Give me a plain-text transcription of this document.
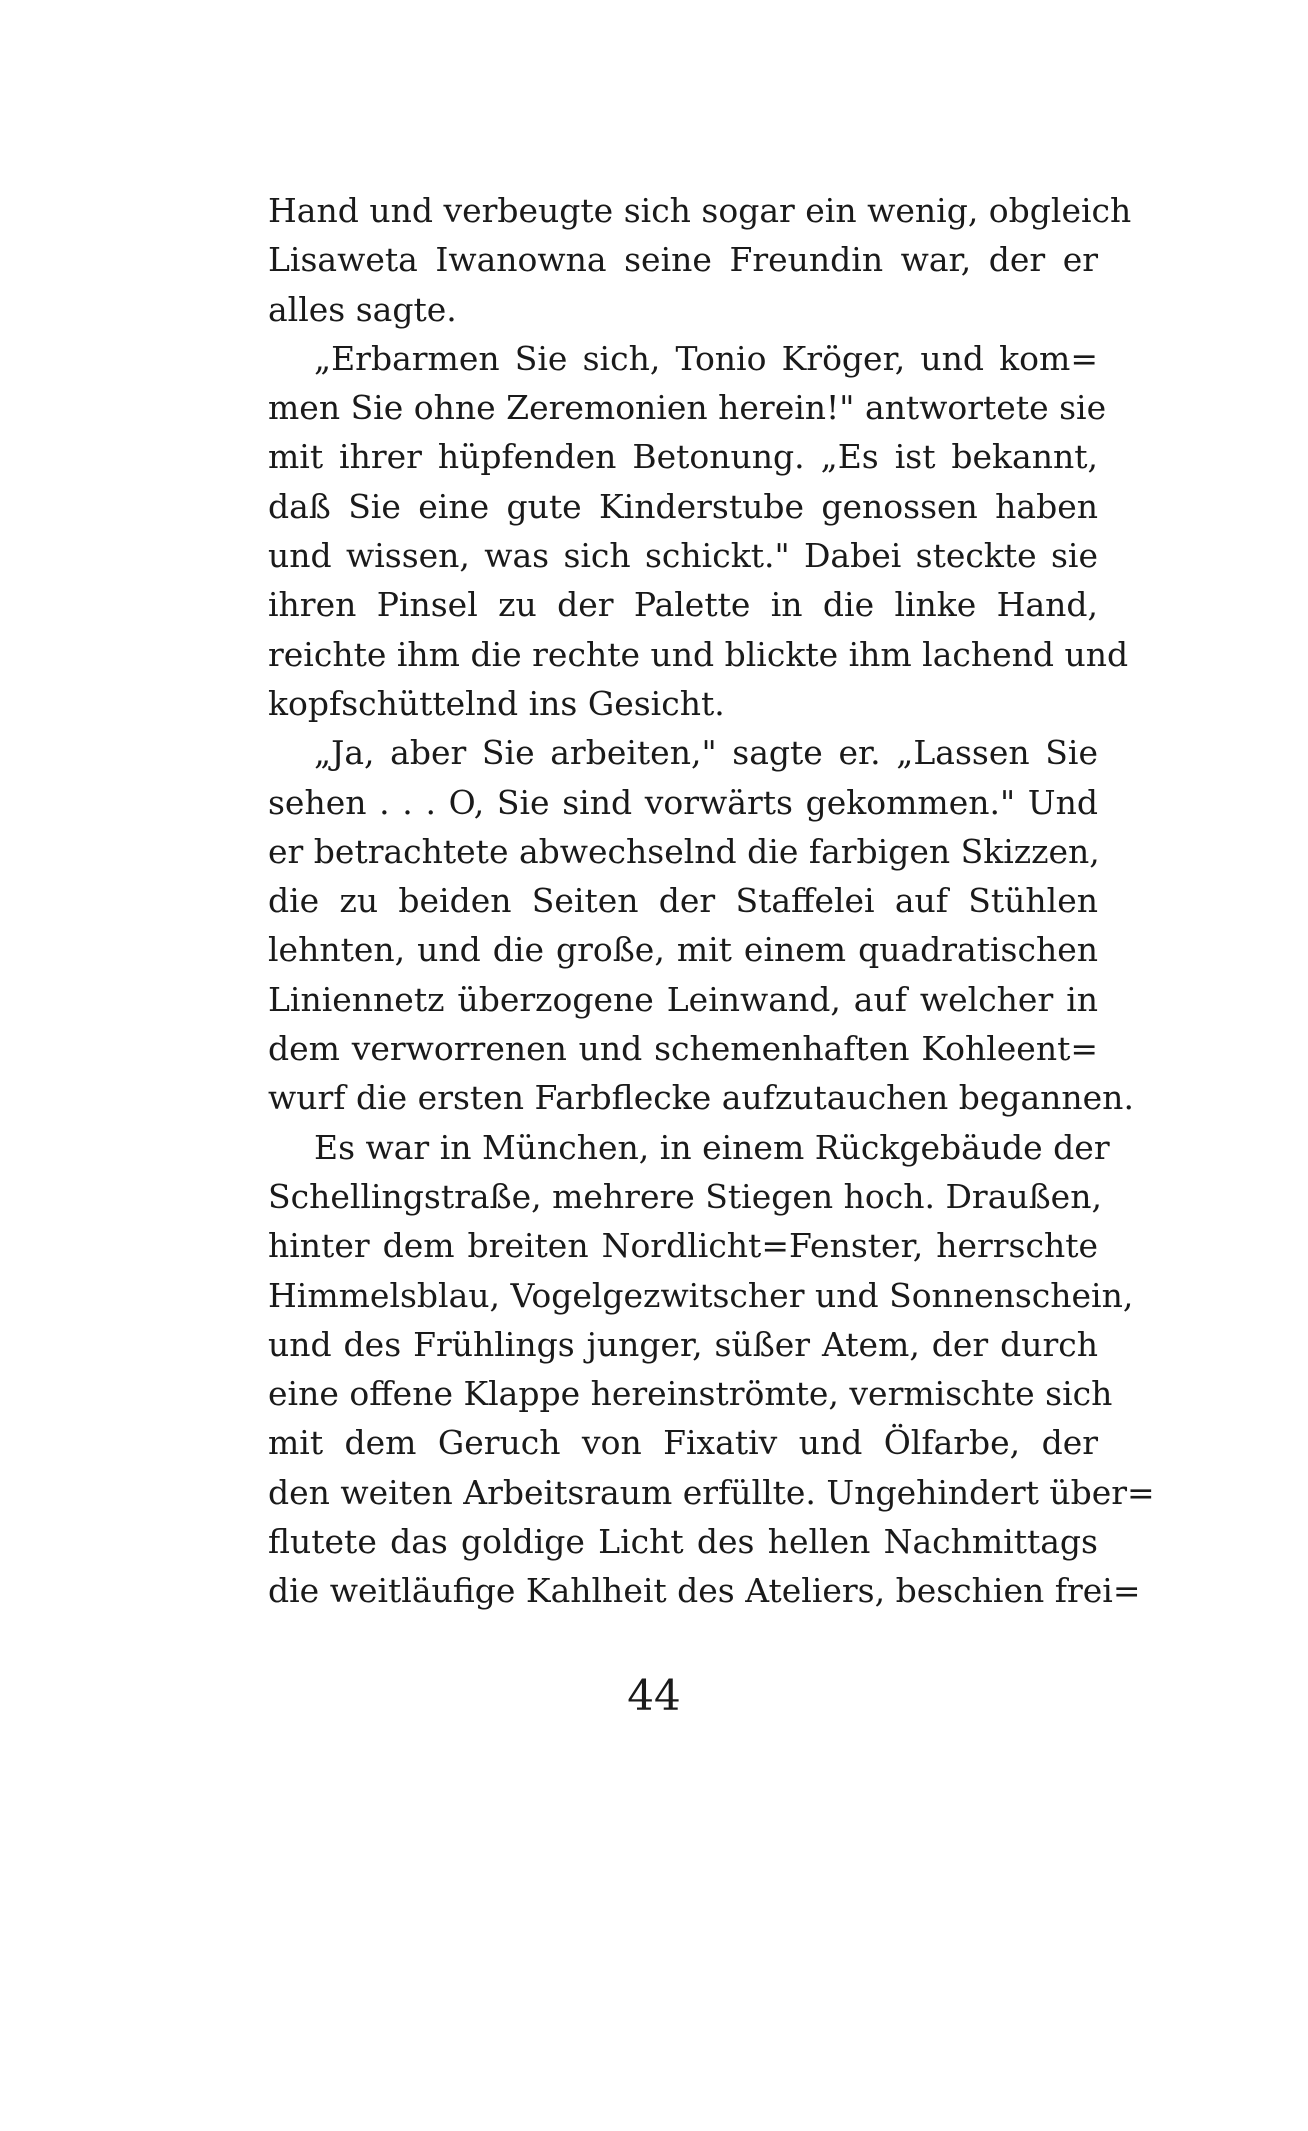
Hand und verbeugte sich sogar ein wenig, obgleich
Lisaweta Iwanowna seine Freundin war, der er
alles sagte.
„Erbarmen Sie sich, Tonio Kröger, und kom=
men Sie ohne Zeremonien herein!" antwortete sie
mit ihrer hüpfenden Betonung. „Es ist bekannt,
daß Sie eine gute Kinderstube genossen haben
und wissen, was sich schickt." Dabei steckte sie
ihren Pinsel zu der Palette in die linke Hand,
reichte ihm die rechte und blickte ihm lachend und
kopfschüttelnd ins Gesicht.
„Ja, aber Sie arbeiten," sagte er. „Lassen Sie
sehen . . . O, Sie sind vorwärts gekommen." Und
er betrachtete abwechselnd die farbigen Skizzen,
die zu beiden Seiten der Staffelei auf Stühlen
lehnten, und die große, mit einem quadratischen
Liniennetz überzogene Leinwand, auf welcher in
dem verworrenen und schemenhaften Kohleent=
wurf die ersten Farbflecke aufzutauchen begannen.
Es war in München, in einem Rückgebäude der
Schellingstraße, mehrere Stiegen hoch. Draußen,
hinter dem breiten Nordlicht=Fenster, herrschte
Himmelsblau, Vogelgezwitscher und Sonnenschein,
und des Frühlings junger, süßer Atem, der durch
eine offene Klappe hereinströmte, vermischte sich
mit dem Geruch von Fixativ und Ölfarbe, der
den weiten Arbeitsraum erfüllte. Ungehindert über=
flutete das goldige Licht des hellen Nachmittags
die weitläufige Kahlheit des Ateliers, beschien frei=
44
